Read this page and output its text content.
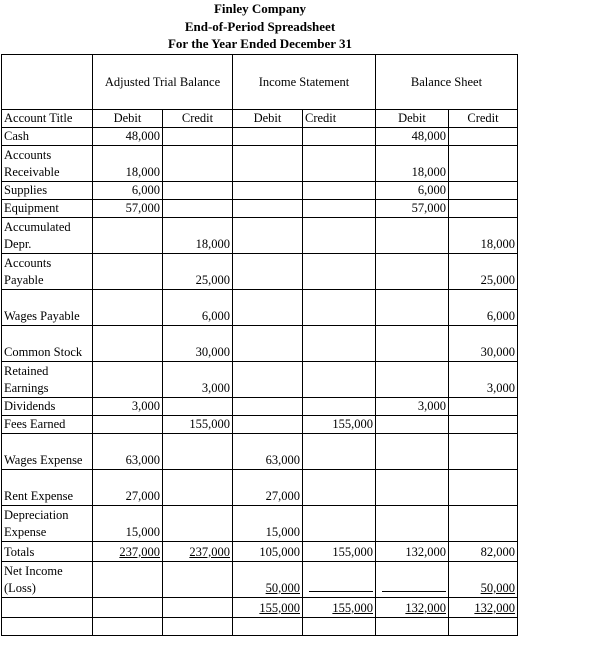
Finley Company
End-of-Period Spreadsheet
For the Year Ended December 31
	Adjusted Trial Balance		Income Statement		Balance Sheet	
Account Title	Debit	Credit	Debit	Credit	Debit	Credit
Cash	48,000				48,000	
Accounts Receivable	18,000				18,000	
Supplies	6,000				6,000	
Equipment	57,000				57,000	
Accumulated Depr.		18,000				18,000
Accounts Payable		25,000				25,000
Wages Payable		6,000				6,000
Common Stock		30,000				30,000
Retained Earnings		3,000				3,000
Dividends	3,000				3,000	
Fees Earned		155,000		155,000		
Wages Expense	63,000		63,000			
Rent Expense	27,000		27,000			
Depreciation Expense	15,000		15,000			
Totals	237,000	237,000	105,000	155,000	132,000	82,000
Net Income (Loss)			50,000			50,000
			155,000	155,000	132,000	132,000
